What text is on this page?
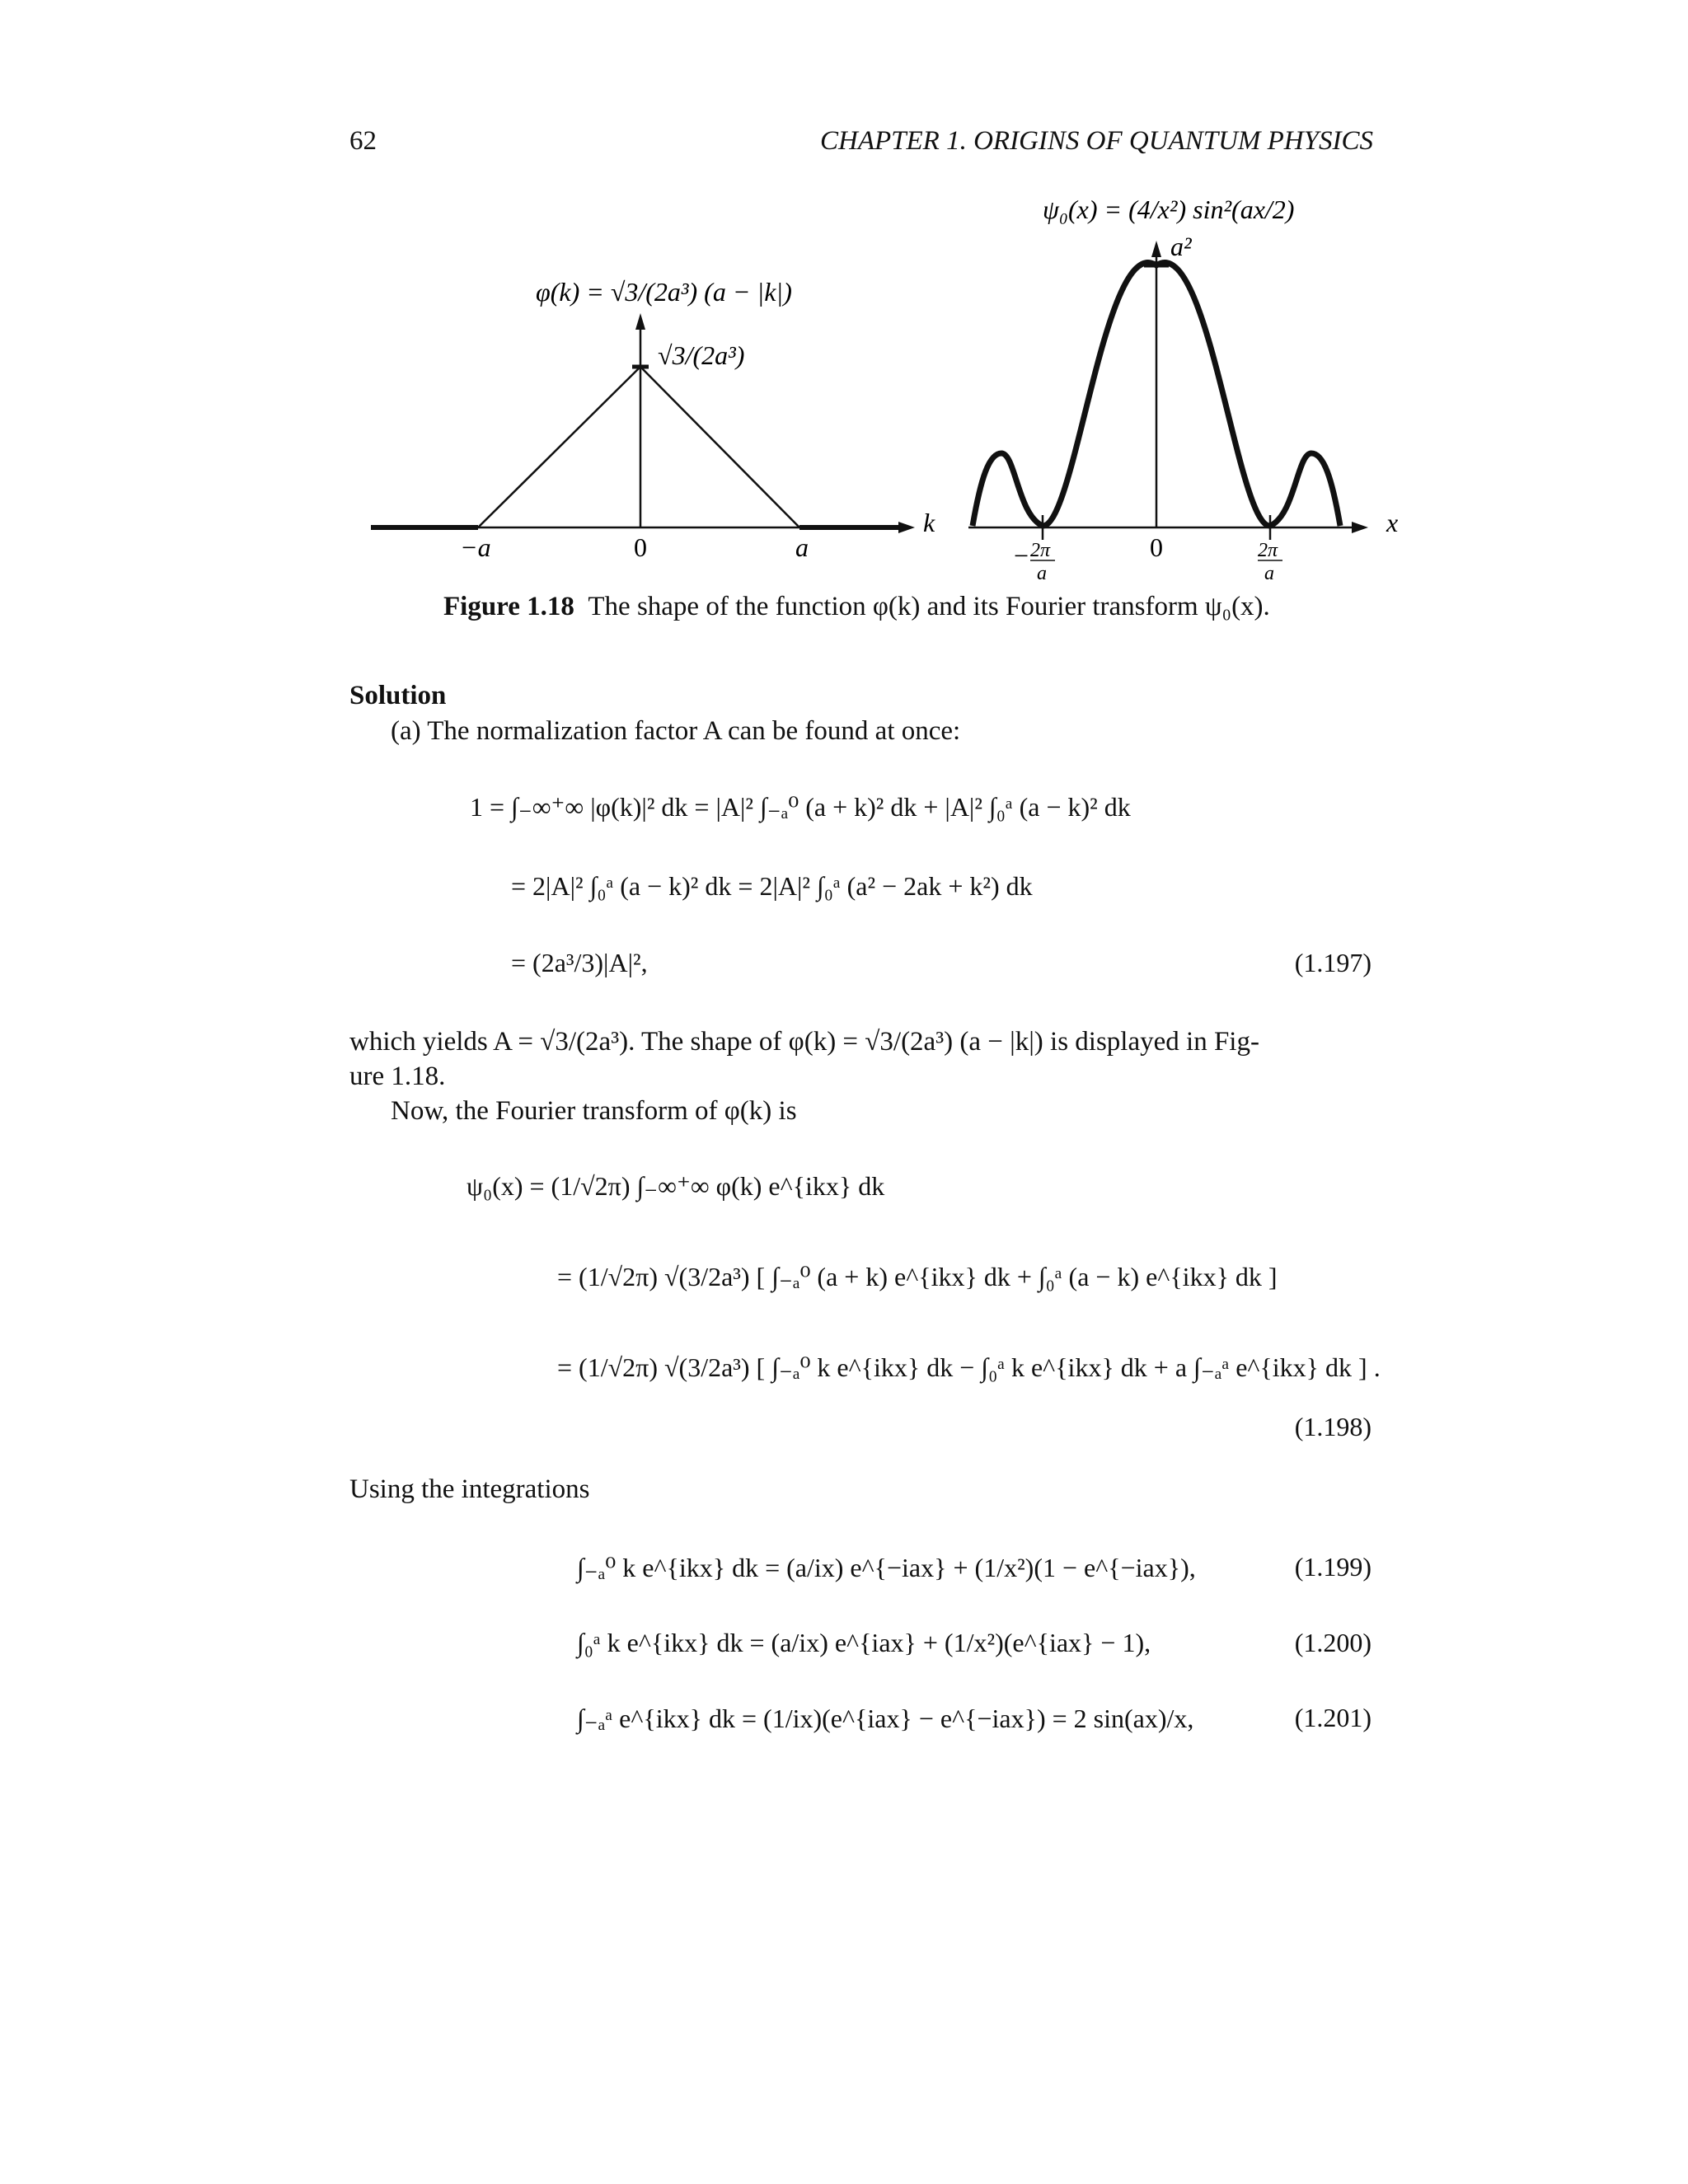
62	CHAPTER 1. ORIGINS OF QUANTUM PHYSICS
φ(k) = √3/(2a³) (a − |k|)
√3/(2a³)
k
−a	0	a
ψ₀(x) = (4/x²) sin²(ax/2)
a²
x
− 2π
a
0	2π
a
Figure 1.18 The shape of the function φ(k) and its Fourier transform ψ₀(x).
Solution
(a) The normalization factor A can be found at once:
1 = ∫₋∞⁺∞ |φ(k)|² dk = |A|² ∫₋ₐ⁰ (a + k)² dk + |A|² ∫₀ᵃ (a − k)² dk
= 2|A|² ∫₀ᵃ (a − k)² dk = 2|A|² ∫₀ᵃ (a² − 2ak + k²) dk
= (2a³/3)|A|²,	(1.197)
which yields A = √3/(2a³). The shape of φ(k) = √3/(2a³) (a − |k|) is displayed in Fig-
ure 1.18.
Now, the Fourier transform of φ(k) is
ψ₀(x) = (1/√2π) ∫₋∞⁺∞ φ(k) e^{ikx} dk
= (1/√2π) √(3/2a³) [ ∫₋ₐ⁰ (a + k) e^{ikx} dk + ∫₀ᵃ (a − k) e^{ikx} dk ]
= (1/√2π) √(3/2a³) [ ∫₋ₐ⁰ k e^{ikx} dk − ∫₀ᵃ k e^{ikx} dk + a ∫₋ₐᵃ e^{ikx} dk ] .
(1.198)
Using the integrations
∫₋ₐ⁰ k e^{ikx} dk = (a/ix) e^{−iax} + (1/x²)(1 − e^{−iax}),	(1.199)
∫₀ᵃ k e^{ikx} dk = (a/ix) e^{iax} + (1/x²)(e^{iax} − 1),	(1.200)
∫₋ₐᵃ e^{ikx} dk = (1/ix)(e^{iax} − e^{−iax}) = 2 sin(ax)/x,	(1.201)
